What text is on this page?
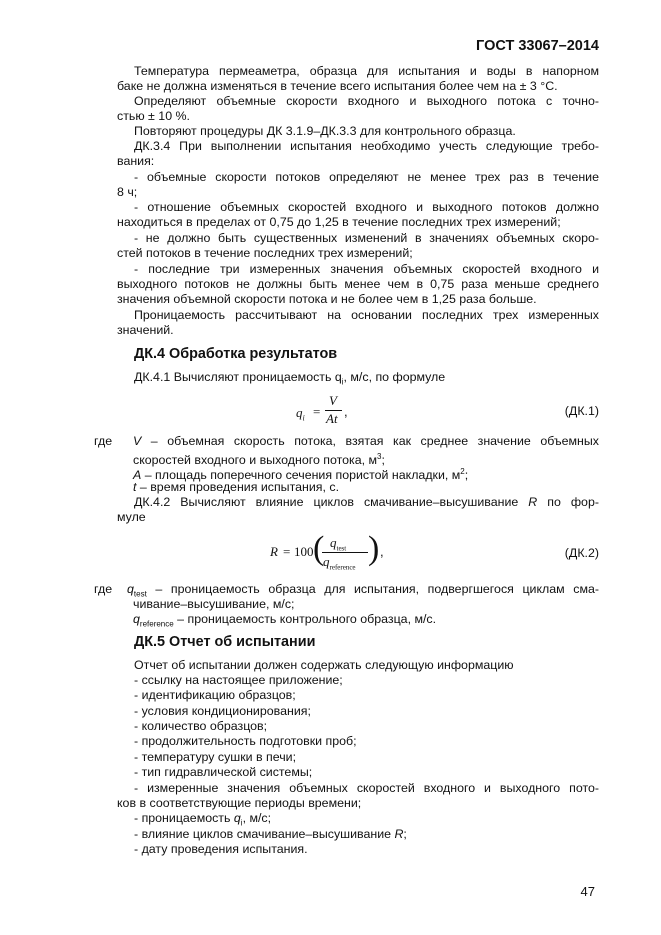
ГОСТ 33067–2014
Температура пермеаметра, образца для испытания и воды в напорном
баке не должна изменяться в течение всего испытания более чем на ± 3 °С.
Определяют объемные скорости входного и выходного потока с точно-
стью ± 10 %.
Повторяют процедуры ДК 3.1.9–ДК.3.3 для контрольного образца.
ДК.3.4 При выполнении испытания необходимо учесть следующие требо-
вания:
- объемные скорости потоков определяют не менее трех раз в течение
8 ч;
- отношение объемных скоростей входного и выходного потоков должно
находиться в пределах от 0,75 до 1,25 в течение последних трех измерений;
- не должно быть существенных изменений в значениях объемных скоро-
стей потоков в течение последних трех измерений;
- последние три измеренных значения объемных скоростей входного и
выходного потоков не должны быть менее чем в 0,75 раза меньше среднего
значения объемной скорости потока и не более чем в 1,25 раза больше.
Проницаемость рассчитывают на основании последних трех измеренных
значений.
ДК.4 Обработка результатов
ДК.4.1 Вычисляют проницаемость $q_i$, м/с, по формуле
$q_i$ =
V
At ,	(ДК.1)
где V – объемная скорость потока, взятая как среднее значение объемных
скоростей входного и выходного потока, $м^3$;
A – площадь поперечного сечения пористой накладки, $м^2$;
t – время проведения испытания, с.
ДК.4.2 Вычисляют влияние циклов смачивание–высушивание R по фор-
муле
R = 100 ( $q_{test}$
$q_{reference}$
) ,	(ДК.2)
где $q_{test}$ – проницаемость образца для испытания, подвергшегося циклам сма-
чивание–высушивание, м/с;
$q_{reference}$ – проницаемость контрольного образца, м/с.
ДК.5 Отчет об испытании
Отчет об испытании должен содержать следующую информацию
- ссылку на настоящее приложение;
- идентификацию образцов;
- условия кондиционирования;
- количество образцов;
- продолжительность подготовки проб;
- температуру сушки в печи;
- тип гидравлической системы;
- измеренные значения объемных скоростей входного и выходного пото-
ков в соответствующие периоды времени;
- проницаемость $q_i$, м/с;
- влияние циклов смачивание–высушивание R;
- дату проведения испытания.
47
